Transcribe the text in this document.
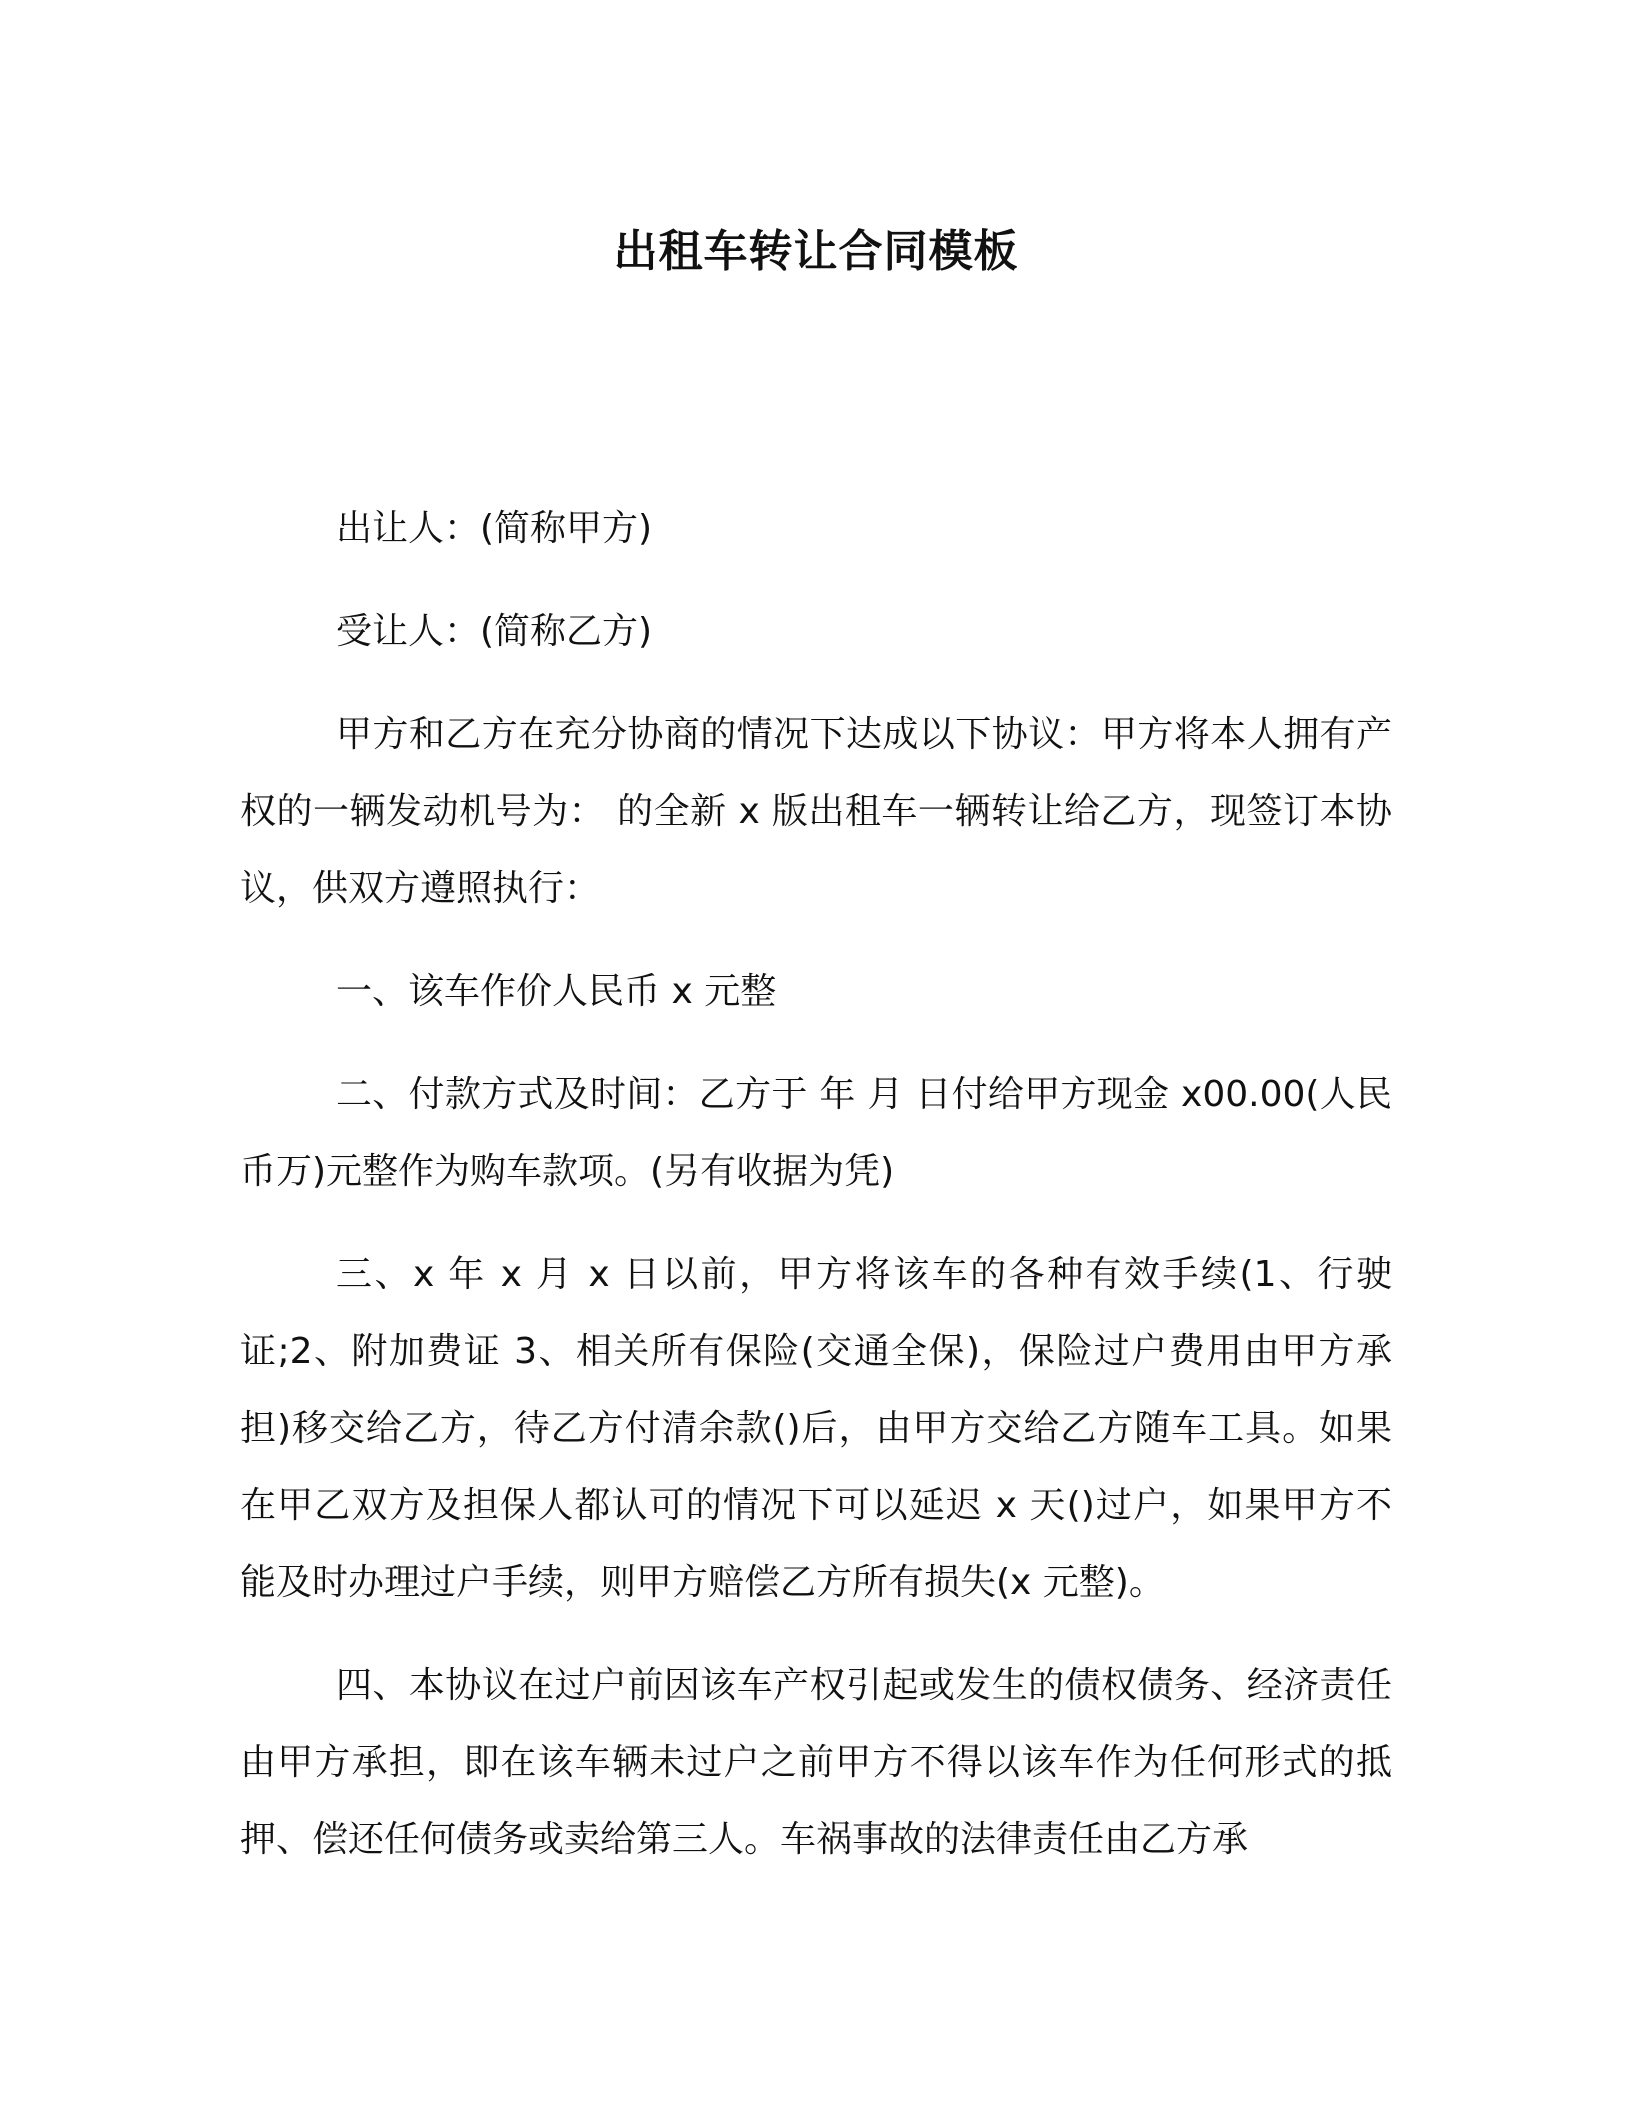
出租车转让合同模板

出让人：(简称甲方)

受让人：(简称乙方)

甲方和乙方在充分协商的情况下达成以下协议：甲方将本人拥有产权的一辆发动机号为： 的全新 x 版出租车一辆转让给乙方，现签订本协议，供双方遵照执行：

一、该车作价人民币 x 元整

二、付款方式及时间：乙方于 年 月 日付给甲方现金 x00.00(人民币万)元整作为购车款项。(另有收据为凭)

三、x 年 x 月 x 日以前，甲方将该车的各种有效手续(1、行驶证;2、附加费证 3、相关所有保险(交通全保)，保险过户费用由甲方承担)移交给乙方，待乙方付清余款()后，由甲方交给乙方随车工具。如果在甲乙双方及担保人都认可的情况下可以延迟 x 天()过户，如果甲方不能及时办理过户手续，则甲方赔偿乙方所有损失(x 元整)。

四、本协议在过户前因该车产权引起或发生的债权债务、经济责任由甲方承担，即在该车辆未过户之前甲方不得以该车作为任何形式的抵押、偿还任何债务或卖给第三人。车祸事故的法律责任由乙方承
